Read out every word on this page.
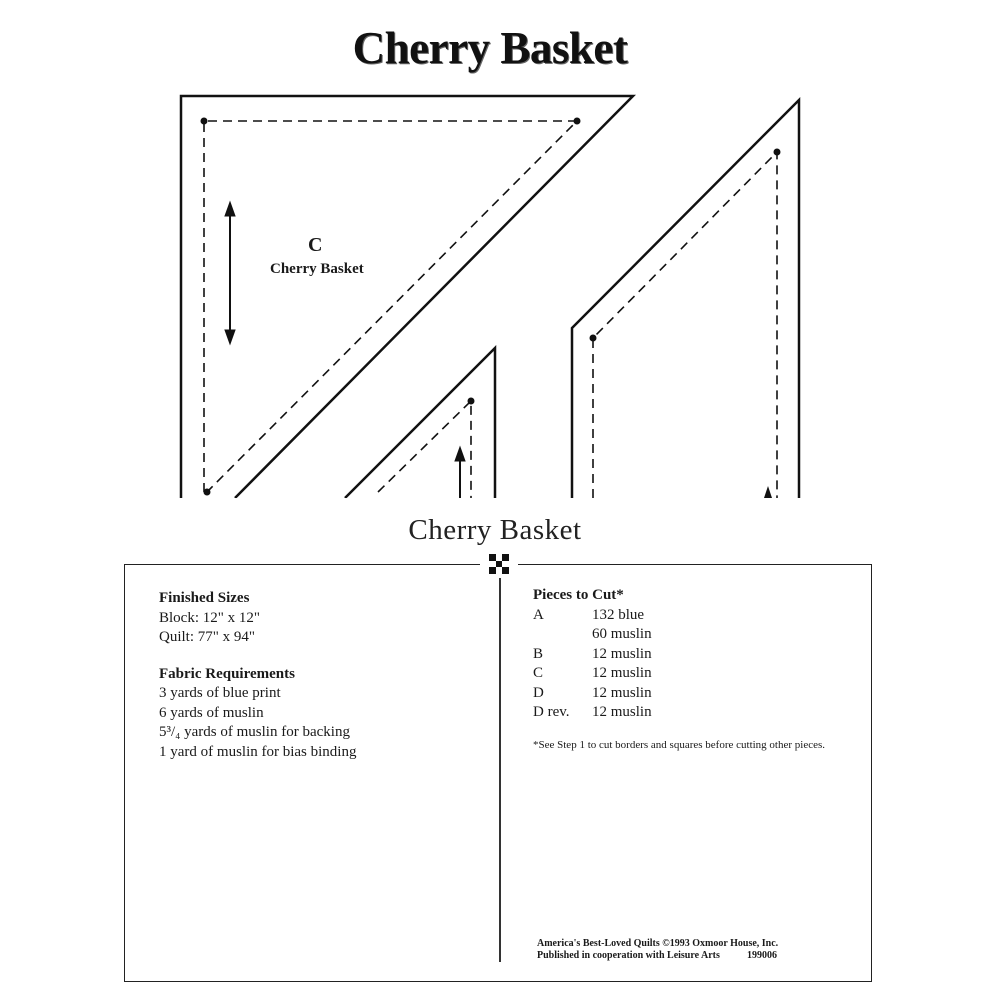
Cherry Basket
C
Cherry Basket
Cherry Basket
Finished Sizes
Block: 12" x 12"
Quilt: 77" x 94"
Fabric Requirements
3 yards of blue print
6 yards of muslin
5³/₄ yards of muslin for backing
1 yard of muslin for bias binding
Pieces to Cut*
A	132 blue
60 muslin
B	12 muslin
C	12 muslin
D	12 muslin
D rev.	12 muslin
*See Step 1 to cut borders and squares before cutting other pieces.
America's Best-Loved Quilts ©1993 Oxmoor House, Inc.
Published in cooperation with Leisure Arts	199006
